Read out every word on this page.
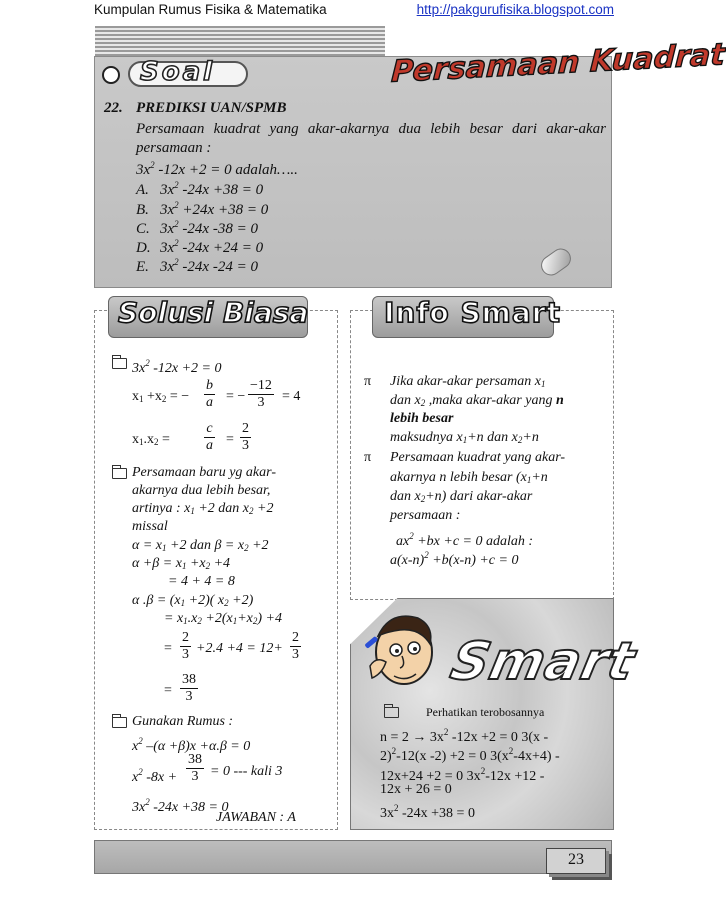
Kumpulan Rumus Fisika & Matematika	http://pakgurufisika.blogspot.com
Soal	Persamaan Kuadrat
22. PREDIKSI UAN/SPMB
Persamaan kuadrat yang akar-akarnya dua lebih besar dari akar-akar persamaan :
$3x^2$ -12x +2 = 0 adalah…..
A. $3x^2$ -24x +38 = 0
B. $3x^2 +24x +38 = 0$
C. $3x^2$ -24x -38 = 0
D. $3x^2$ -24x +24 = 0
E. $3x^2$ -24x -24 = 0
Solusi Biasa
$3x^2$ -12x +2 = 0
$x_1 +x_2$ = − $\frac{b}{a}$ = − $\frac{-12}{3} = 4$
$x_1.x_2 = \frac{c}{a} = \frac{2}{3}$
Persamaan baru yg akar-
akarnya dua lebih besar,
artinya : $x_1 +2$ dan $x_2 +2$
missal
$\alpha = x_1 +2$ dan $\beta = x_2 +2$
$\alpha +\beta = x_1 +x_2 +4$
= 4 + 4 = 8
α $.\beta = (x_1 +2)$( $x_2 +2$)
= $x_1.x_2 +2(x_1+x_2) +4$
= $\frac{2}{3} +2.4 +4 = 12+ \frac{2}{3}$
= $\frac{38}{3}$
Gunakan Rumus :
$x^2$ –(α +β)x +α.β = 0
$x^2$ $-8x + \frac{38}{3} = 0$ --- kali 3
$3x^2$ -24x +38 = 0
JAWABAN : A
Info Smart
π Jika akar-akar persaman $x_1$
dan $x_2$ ,maka akar-akar yang n
lebih besar
maksudnya $x_1+n$ dan $x_2+n$
π Persamaan kuadrat yang akar-
akarnya n lebih besar ($x_1+n$
dan $x_2+n$) dari akar-akar
persamaan :
$ax^2 +bx +c = 0$ adalah :
$a(x-n)^2 +b(x-n) +c = 0$
Smart
Perhatikan terobosannya
$n = 2 \to 3x^2$ -12x +2 = 0 3(x -
2)$^2$-12(x -2) +2 = 0 $3(x^2-4x+4)$ -
12x+24 +2 = 0 $3x^2-12x +12$ -
12x + 26 = 0
$3x^2$ -24x +38 = 0
23
